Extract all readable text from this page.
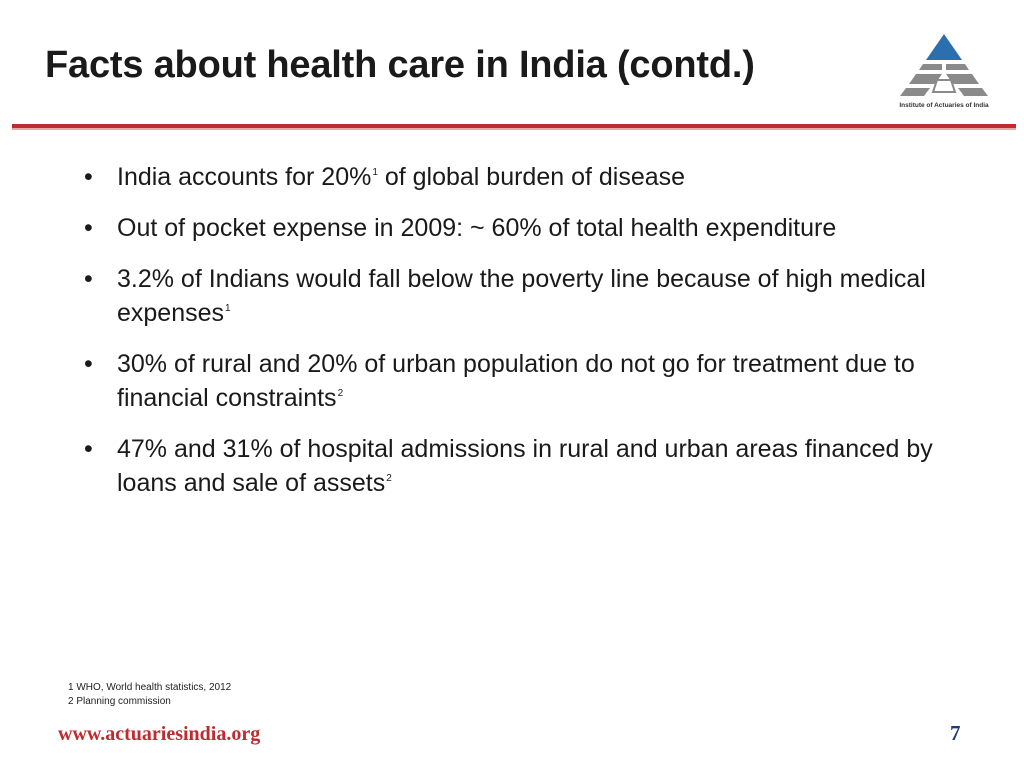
Facts about health care in India (contd.)
Institute of Actuaries of India
• India accounts for 20%$^1$ of global burden of disease
• Out of pocket expense in 2009: ~ 60% of total health expenditure
• 3.2% of Indians would fall below the poverty line because of high medical expenses$^1$
• 30% of rural and 20% of urban population do not go for treatment due to financial constraints$^2$
• 47% and 31% of hospital admissions in rural and urban areas financed by loans and sale of assets$^2$
1 WHO, World health statistics, 2012
2 Planning commission
www.actuariesindia.org	7
